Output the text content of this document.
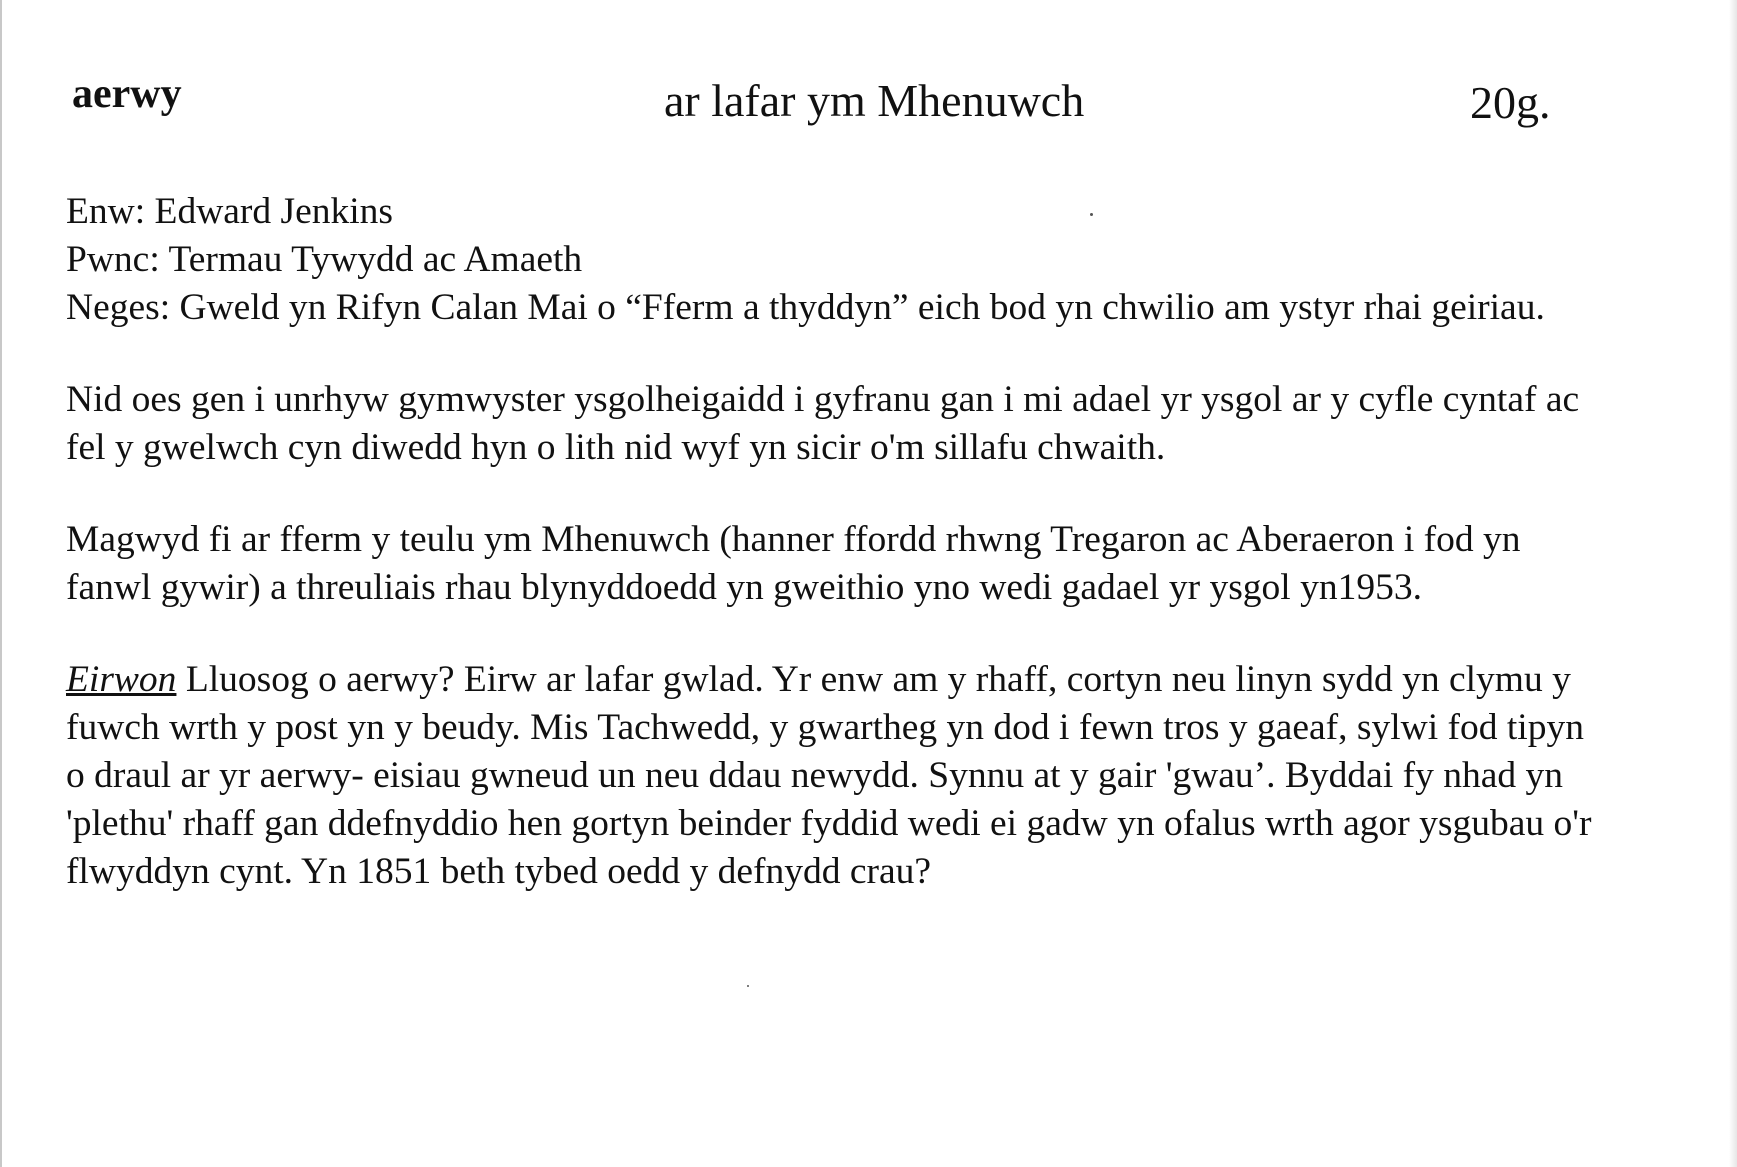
aerwy	ar lafar ym Mhenuwch	20g.

Enw: Edward Jenkins

Pwnc: Termau Tywydd ac Amaeth

Neges: Gweld yn Rifyn Calan Mai o “Fferm a thyddyn” eich bod yn chwilio am ystyr rhai geiriau.

Nid oes gen i unrhyw gymwyster ysgolheigaidd i gyfranu gan i mi adael yr ysgol ar y cyfle cyntaf ac fel y gwelwch cyn diwedd hyn o lith nid wyf yn sicir o'm sillafu chwaith.

Magwyd fi ar fferm y teulu ym Mhenuwch (hanner ffordd rhwng Tregaron ac Aberaeron i fod yn fanwl gywir) a threuliais rhau blynyddoedd yn gweithio yno wedi gadael yr ysgol yn1953.

Eirwon Lluosog o aerwy? Eirw ar lafar gwlad. Yr enw am y rhaff, cortyn neu linyn sydd yn clymu y fuwch wrth y post yn y beudy. Mis Tachwedd, y gwartheg yn dod i fewn tros y gaeaf, sylwi fod tipyn o draul ar yr aerwy- eisiau gwneud un neu ddau newydd. Synnu at y gair 'gwau’. Byddai fy nhad yn 'plethu' rhaff gan ddefnyddio hen gortyn beinder fyddid wedi ei gadw yn ofalus wrth agor ysgubau o'r flwyddyn cynt. Yn 1851 beth tybed oedd y defnydd crau?
